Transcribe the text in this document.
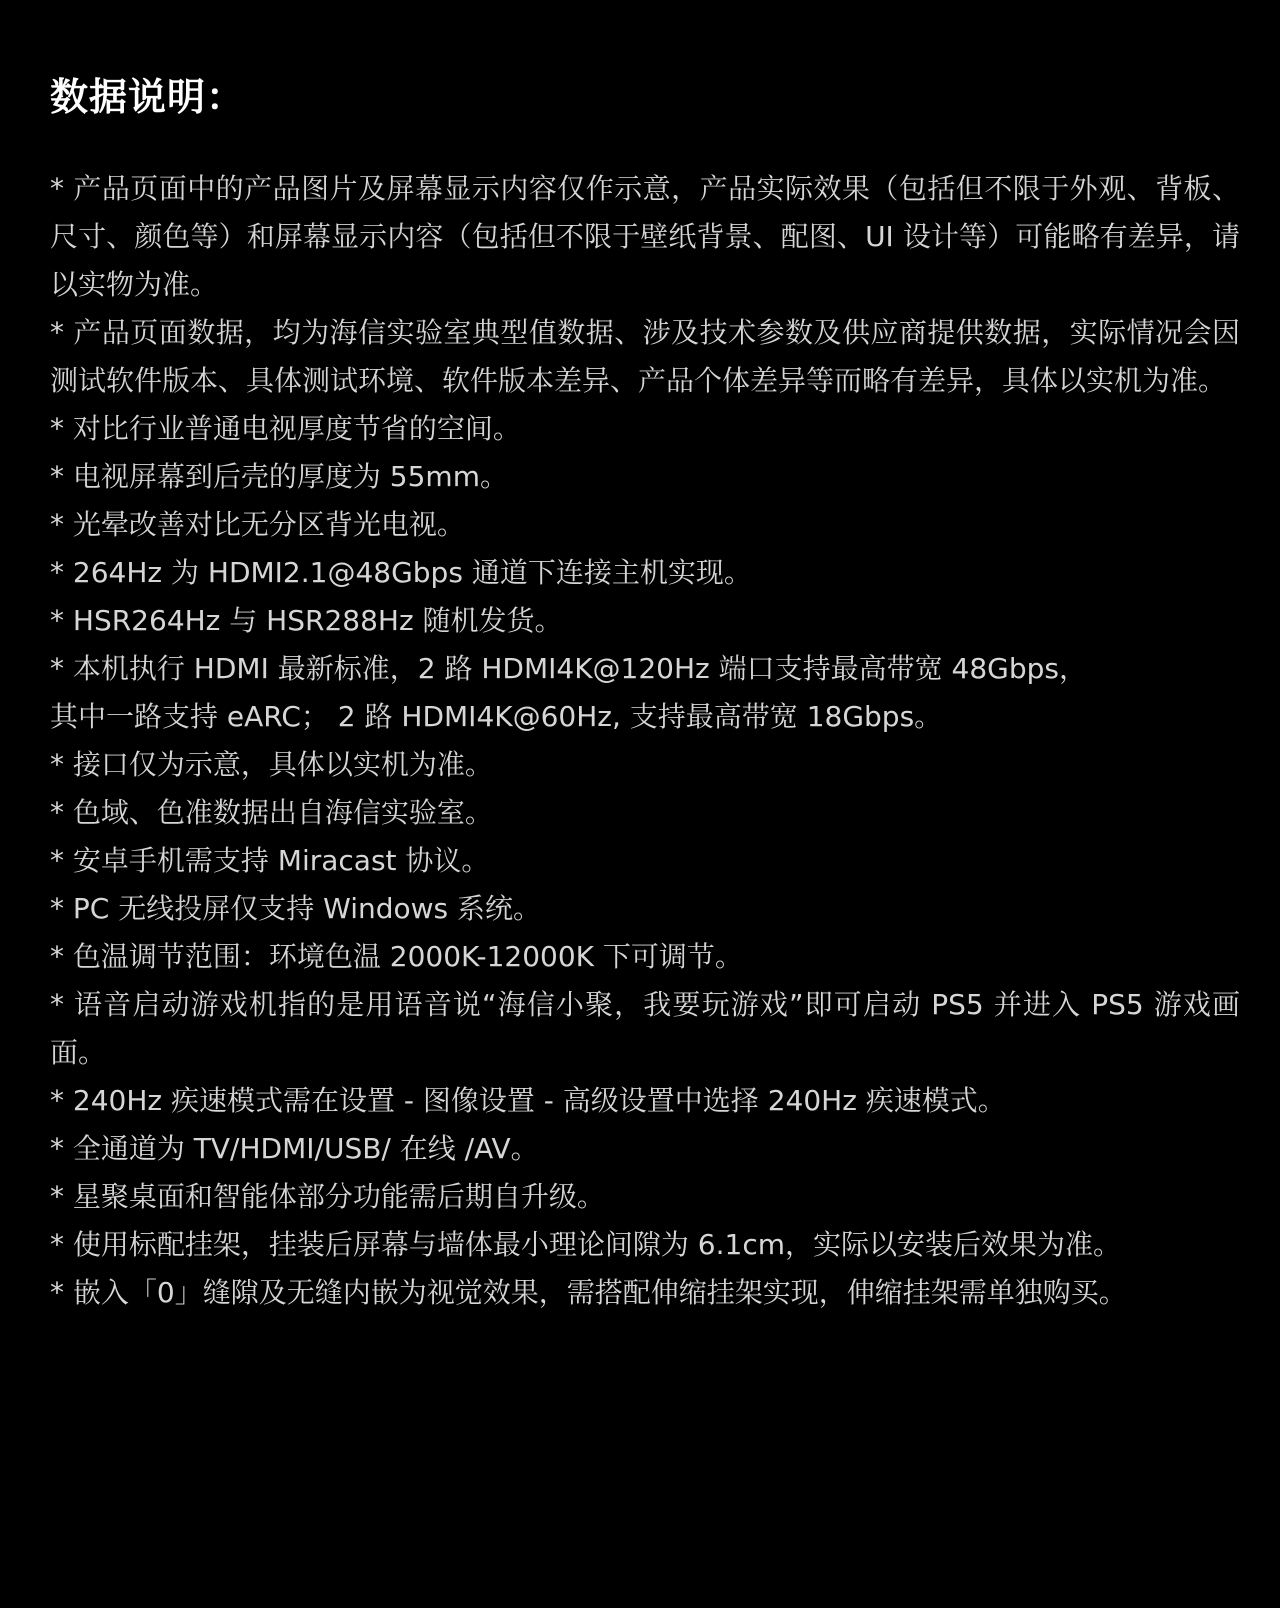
数据说明：

* 产品页面中的产品图片及屏幕显示内容仅作示意，产品实际效果（包括但不限于外观、背板、尺寸、颜色等）和屏幕显示内容（包括但不限于壁纸背景、配图、UI 设计等）可能略有差异，请以实物为准。

* 产品页面数据，均为海信实验室典型值数据、涉及技术参数及供应商提供数据，实际情况会因测试软件版本、具体测试环境、软件版本差异、产品个体差异等而略有差异，具体以实机为准。

* 对比行业普通电视厚度节省的空间。

* 电视屏幕到后壳的厚度为 55mm。

* 光晕改善对比无分区背光电视。

* 264Hz 为 HDMI2.1@48Gbps 通道下连接主机实现。

* HSR264Hz 与 HSR288Hz 随机发货。

* 本机执行 HDMI 最新标准，2 路 HDMI4K@120Hz 端口支持最高带宽 48Gbps，
其中一路支持 eARC； 2 路 HDMI4K@60Hz, 支持最高带宽 18Gbps。

* 接口仅为示意，具体以实机为准。

* 色域、色准数据出自海信实验室。

* 安卓手机需支持 Miracast 协议。

* PC 无线投屏仅支持 Windows 系统。

* 色温调节范围：环境色温 2000K-12000K 下可调节。

* 语音启动游戏机指的是用语音说“海信小聚，我要玩游戏”即可启动 PS5 并进入 PS5 游戏画面。

* 240Hz 疾速模式需在设置 - 图像设置 - 高级设置中选择 240Hz 疾速模式。

* 全通道为 TV/HDMI/USB/ 在线 /AV。

* 星聚桌面和智能体部分功能需后期自升级。

* 使用标配挂架，挂装后屏幕与墙体最小理论间隙为 6.1cm，实际以安装后效果为准。

* 嵌入「0」缝隙及无缝内嵌为视觉效果，需搭配伸缩挂架实现，伸缩挂架需单独购买。
